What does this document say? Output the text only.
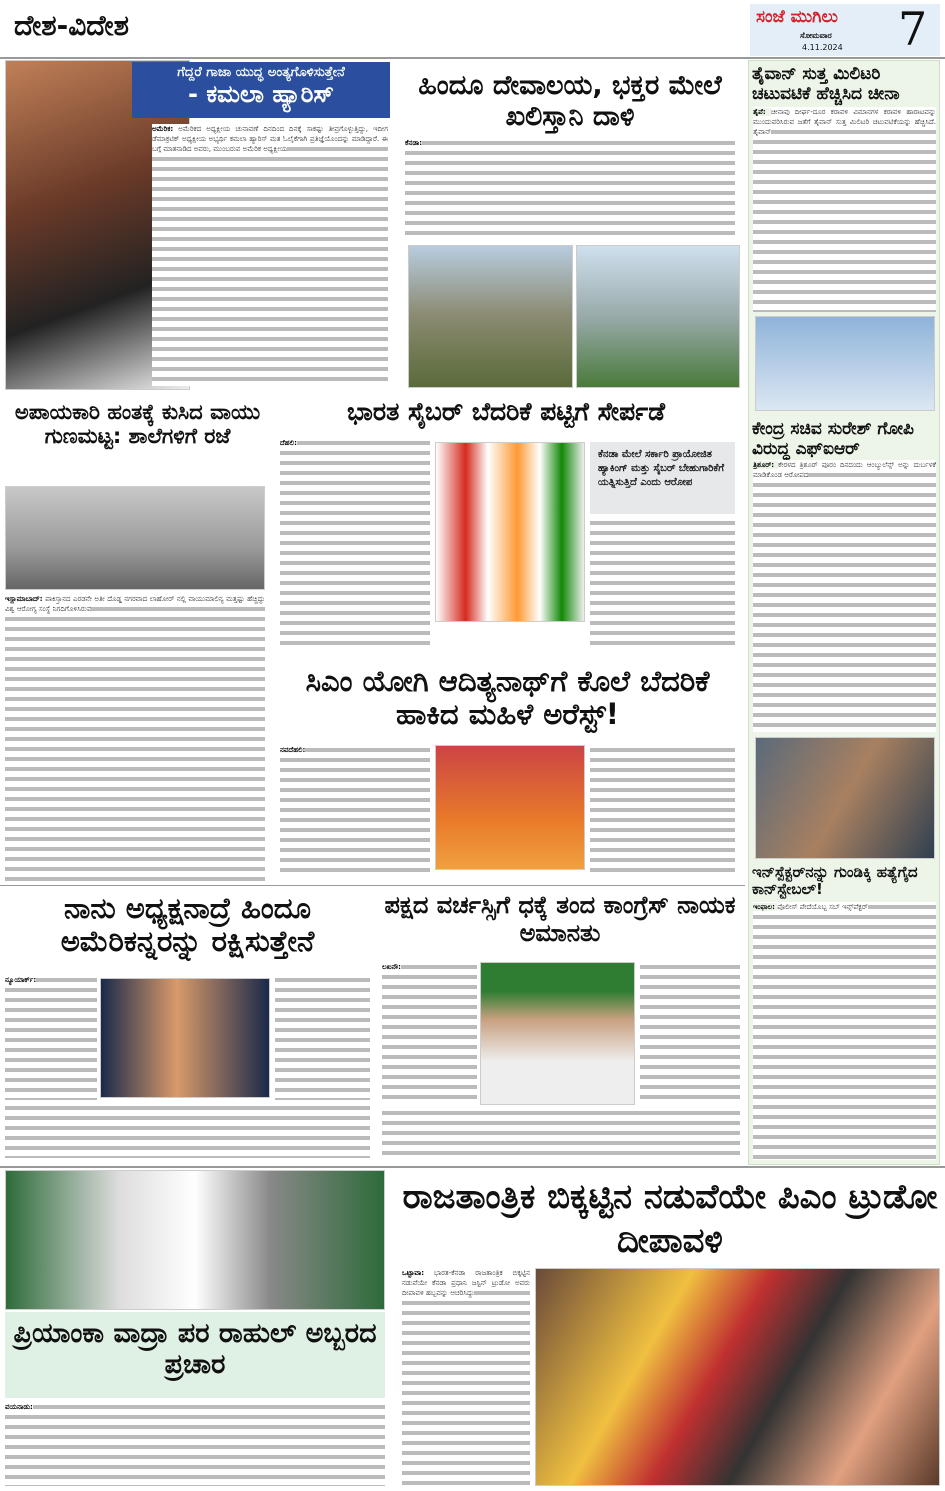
ದೇಶ-ವಿದೇಶ	ಸಂಜೆ ಮುಗಿಲು
ಸೋಮವಾರ
4.11.2024 7
ಗೆದ್ದರೆ ಗಾಜಾ ಯುದ್ಧ ಅಂತ್ಯಗೊಳಿಸುತ್ತೇನೆ
- ಕಮಲಾ ಹ್ಯಾರಿಸ್
ಅಮೆರಿಕ: ಅಮೆರಿಕದ ಅಧ್ಯಕ್ಷೀಯ ಚುನಾವಣೆ ದಿನದಿಂದ ದಿನಕ್ಕೆ ಸಾಕಷ್ಟು ತೀವ್ರಗೊಳ್ಳುತ್ತಿದ್ದು, ಇದೀಗ ಡೆಮಾಕ್ರಟಿಕ್ ಅಧ್ಯಕ್ಷೀಯ ಅಭ್ಯರ್ಥಿ ಕಮಲಾ ಹ್ಯಾರಿಸ್ ಮತ ಓಲೈಕೆಗಾಗಿ ಪ್ರತಿಜ್ಞೆಯೊಂದನ್ನು ಮಾಡಿದ್ದಾರೆ. ಈ ಬಗ್ಗೆ ಮಾತನಾಡಿದ ಅವರು, ಮುಂಬರುವ ಅಮೆರಿಕ ಅಧ್ಯಕ್ಷೀಯ
ಹಿಂದೂ ದೇವಾಲಯ, ಭಕ್ತರ ಮೇಲೆ ಖಲಿಸ್ತಾನಿ ದಾಳಿ
ಕೆನಡಾ:
ತೈವಾನ್ ಸುತ್ತ ಮಿಲಿಟರಿ ಚಟುವಟಿಕೆ ಹೆಚ್ಚಿಸಿದ ಚೀನಾ
ತೈಪೆ: ಚೀನಾವು ದೀರ್ಘ-ದೂರ ಕರಾವಳಿ ವಿಮಾನಗಳ ಕರಾವಳಿ ಹಾರಾಟವನ್ನು ಮುಂದುವರಿಸಿರುವ ಜತೆಗೆ ತೈವಾನ್ ಸುತ್ತ ಮಿಲಿಟರಿ ಚಟುವಟಿಕೆಯನ್ನು ಹೆಚ್ಚಿಸಿದೆ. ತೈವಾನ್
ಕೇಂದ್ರ ಸಚಿವ ಸುರೇಶ್ ಗೋಪಿ ವಿರುದ್ಧ ಎಫ್‌ಐಆರ್
ತ್ರಿಶೂರ್: ಕೇರಳದ ತ್ರಿಶೂರ್ ಪೂರಂ ದಿನದಂದು ಆಂಬ್ಯುಲೆನ್ಸ್ ಅನ್ನು ದುರ್ಬಳಕೆ ಮಾಡಿಕೊಂಡ ಆರೋಪದ
ಇನ್‌ಸ್ಪೆಕ್ಟರ್‌ನನ್ನು ಗುಂಡಿಕ್ಕಿ ಹತ್ಯೆಗೈದ ಕಾನ್‌ಸ್ಟೇಬಲ್!
ಇಂಫಾಲ: ಪೊಲೀಸ್ ಪೇದೆಯೊಬ್ಬ ಸಬ್ ಇನ್ಸ್‌ಪೆಕ್ಟರ್
ಅಪಾಯಕಾರಿ ಹಂತಕ್ಕೆ ಕುಸಿದ ವಾಯು ಗುಣಮಟ್ಟ: ಶಾಲೆಗಳಿಗೆ ರಜೆ
ಇಸ್ಲಾಮಾಬಾದ್: ಪಾಕಿಸ್ತಾನದ ಎರಡನೇ ಅತೀ ದೊಡ್ಡ ನಗರವಾದ ಲಾಹೋರ್ ನಲ್ಲಿ ವಾಯುಮಾಲಿನ್ಯ ಮತ್ತಷ್ಟು ಹೆಚ್ಚಿದ್ದು ವಿಶ್ವ ಆರೋಗ್ಯ ಸಂಸ್ಥೆ ನಿಗದಿಗೊಳಿಸಿರುವ
ಭಾರತ ಸೈಬರ್ ಬೆದರಿಕೆ ಪಟ್ಟಿಗೆ ಸೇರ್ಪಡೆ
ದೆಹಲಿ:
ಕೆನಡಾ ಮೇಲೆ ಸರ್ಕಾರಿ ಪ್ರಾಯೋಜಿತ ಹ್ಯಾಕಿಂಗ್ ಮತ್ತು ಸೈಬರ್ ಬೇಹುಗಾರಿಕೆಗೆ ಯತ್ನಿಸುತ್ತಿದೆ ಎಂದು ಆರೋಪ
ಸಿಎಂ ಯೋಗಿ ಆದಿತ್ಯನಾಥ್‌ಗೆ ಕೊಲೆ ಬೆದರಿಕೆ ಹಾಕಿದ ಮಹಿಳೆ ಅರೆಸ್ಟ್!
ನವದೆಹಲಿ:
ನಾನು ಅಧ್ಯಕ್ಷನಾದ್ರೆ ಹಿಂದೂ ಅಮೆರಿಕನ್ನರನ್ನು ರಕ್ಷಿಸುತ್ತೇನೆ
ನ್ಯೂಯಾರ್ಕ್:
ಪಕ್ಷದ ವರ್ಚಸ್ಸಿಗೆ ಧಕ್ಕೆ ತಂದ ಕಾಂಗ್ರೆಸ್ ನಾಯಕ ಅಮಾನತು
ಲಖನೌ:
ಪ್ರಿಯಾಂಕಾ ವಾದ್ರಾ ಪರ ರಾಹುಲ್ ಅಬ್ಬರದ ಪ್ರಚಾರ
ವಯನಾಡು:
ರಾಜತಾಂತ್ರಿಕ ಬಿಕ್ಕಟ್ಟಿನ ನಡುವೆಯೇ ಪಿಎಂ ಟ್ರುಡೋ ದೀಪಾವಳಿ
ಒಟ್ಟಾವಾ: ಭಾರತ-ಕೆನಡಾ ರಾಜತಾಂತ್ರಿಕ ಬಿಕ್ಕಟ್ಟಿನ ನಡುವೆಯೇ ಕೆನಡಾ ಪ್ರಧಾನಿ ಜಸ್ಟಿನ್ ಟ್ರುಡೋ ಅವರು ದೀಪಾವಳಿ ಹಬ್ಬವನ್ನು ಆಚರಿಸಿದ್ದು
